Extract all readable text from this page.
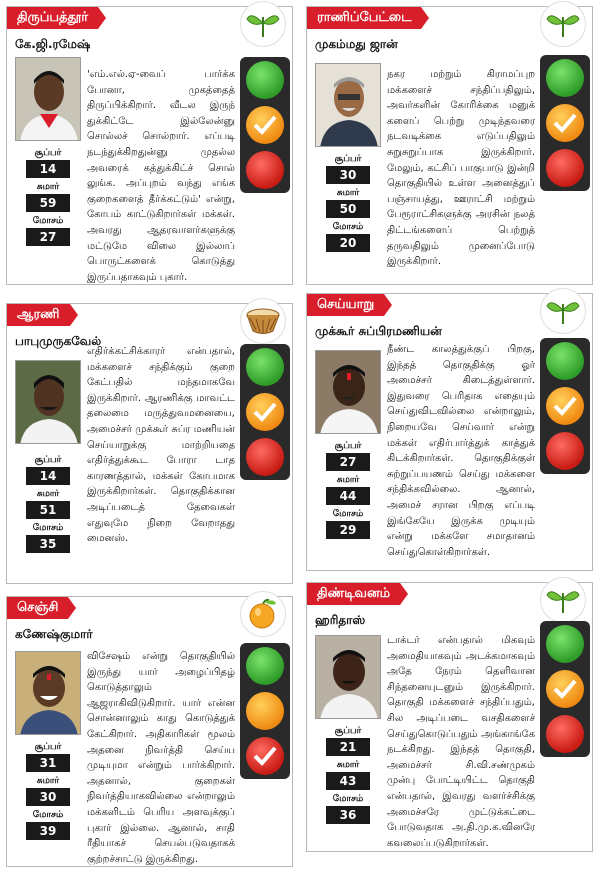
திருப்பத்தூர்
கே.ஜி.ரமேஷ்
சூப்பர்
14
சுமார்
59
மோசம்
27
'எம்.எல்.ஏ-வைப் பார்க்க போனா, முகத்தைத் திருப்பிக்கிறார். வீடல இருந் துக்கிட்டே இல்லேன்னு சொல்லச் சொல்றார். எப்படி நடந்துக்கிறதுன்னு முதல்ல அவரைக் கத்துக்கிட்ச் சொல் லுங்க. அப்புறம் வந்து எங்க குறைகளைத் தீர்க்கட்டும்' என்று, கோபம் காட்டுகிறார்கள் மக்கள். அவரது ஆதரவாளர்களுக்கு மட்டுமே விலை இல்லாப் பொருட்களைக் கொடுத்து இருப்பதாகவும் புகார்.
ராணிப்பேட்டை
முகம்மது ஜான்
சூப்பர்
30
சுமார்
50
மோசம்
20
நகர மற்றும் கிராமப்புற மக்களைச் சந்திப்பதிலும், அவர்களின் கோரிக்கை மனுக் களைப் பெற்று முடிந்தவரை நடவடிக்கை எடுப்பதிலும் சுறுசுறுப்பாக இருக்கிறார். மேலும், கட்சிப் பாகுபாடு இன்றி தொகுதியில் உள்ள அனைத்துப் பஞ்சாயத்து, ஊராட்சி மற்றும் பேரூராட்சிகளுக்கு அரசின் நலத் திட்டங்களைப் பெற்றுத் தருவதிலும் முனைப்போடு இருக்கிறார்.
ஆரணி
பாபுமுருகவேல்
சூப்பர்
14
சுமார்
51
மோசம்
35
எதிர்க்கட்சிக்காரர் என்பதால், மக்களைச் சந்திக்கும் குறை கேட்பதில் மந்தமாகவே இருக்கிறார். ஆரணிக்கு மாவட்ட தலைமை மருத்துவமனையை, அமைச்சர் முக்கூர் சுப்ர மணியன் செய்யாறுக்கு மாற்றியதை எதிர்த்துக்கூட போரா டாத காரணத்தால், மக்கள் கோபமாக இருக்கிறார்கள். தொகுதிக்கான அடிப்படைத் தேவைகள் எதுவுமே நிறை வேறாதது மைனஸ்.
செய்யாறு
முக்கூர் சுப்பிரமணியன்
சூப்பர்
27
சுமார்
44
மோசம்
29
நீண்ட காலத்துக்குப் பிறகு, இந்தத் தொகுதிக்கு ஓர் அமைச்சர் கிடைத்துள்ளார். இதுவரை பெரிதாக எதையும் செய்துவிடவில்லை என்றாலும், நிறையவே செய்வார் என்று மக்கள் எதிர்பார்த்துக் காத்துக் கிடக்கிறார்கள். தொகுதிக்குள் சுற்றுப்பயணம் செய்து மக்களை சந்திக்கவில்லை. ஆனால், அமைச் சரான பிறகு எப்படி இங்கேயே இருக்க முடியும் என்று மக்களே சமாதானம் செய்துகொள்கிறார்கள்.
செஞ்சி
கணேஷ்குமார்
சூப்பர்
31
சுமார்
30
மோசம்
39
விசேஷம் என்று தொகுதியில் இருந்து யார் அழைப்பிதழ் கொடுத்தாலும் ஆஜராகிவிடுகிறார். யார் என்ன சொன்னாலும் காது கொடுத்துக் கேட்கிறார். அதிகாரிகள் மூலம் அதனை நிவர்த்தி செய்ய முடியுமா என்றும் பார்க்கிறார். அதனால், குறைகள் நிவர்த்தியாகவில்லை என்றாலும் மக்களிடம் பெரிய அளவுக்குப் புகார் இல்லை. ஆனால், சாதி ரீதியாகச் செயல்படுவதாகக் குற்றச்சாட்டு இருக்கிறது.
திண்டிவனம்
ஹரிதாஸ்
சூப்பர்
21
சுமார்
43
மோசம்
36
டாக்டர் என்பதால் மிகவும் அமைதியாகவும் அடக்கமாகவும் அதே நேரம் தெளிவான சிந்தனையுடனும் இருக்கிறார். தொகுதி மக்களைச் சந்திப்பதும், சில அடிப்படை வசதிகளைச் செய்துகொடுப்பதும் அங்காங்கே நடக்கிறது. இந்தத் தொகுதி, அமைச்சர் சி.வி.சண்முகம் முன்பு போட்டியிட்ட தொகுதி என்பதால், இவரது வளர்ச்சிக்கு அமைச்சரே முட்டுக்கட்டை போடுவதாக அ.தி.மு.க.வினரே கவலைப்படுகிறார்கள்.
